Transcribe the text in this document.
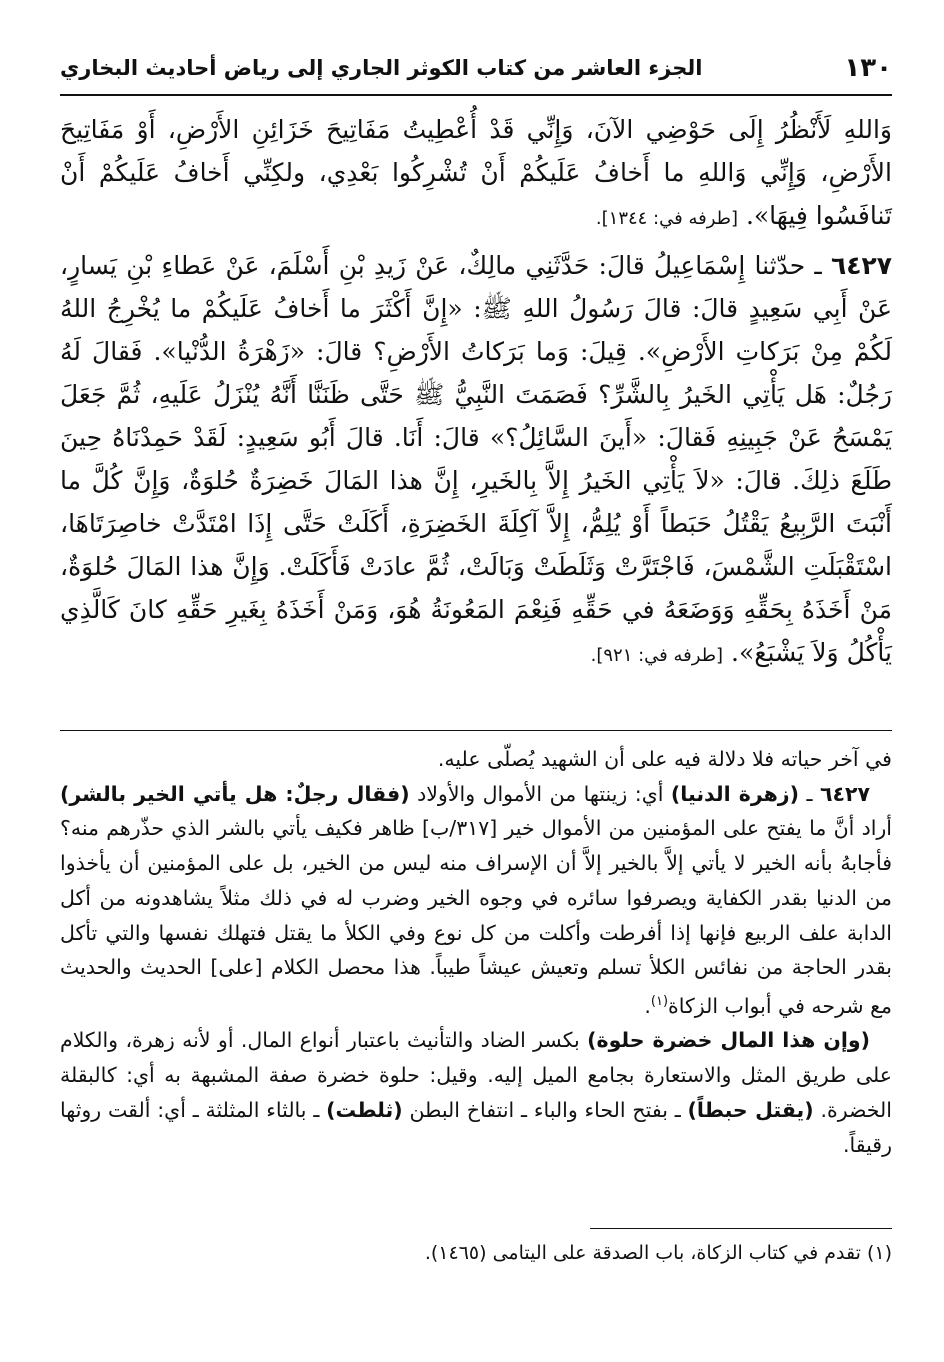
١٣٠
الجزء العاشر من كتاب الكوثر الجاري إلى رياض أحاديث البخاري

وَاللهِ لَأَنْظُرُ إِلَى حَوْضِي الآنَ، وَإِنِّي قَدْ أُعْطِيتُ مَفَاتِيحَ خَزَائِنِ الأَرْضِ، أَوْ مَفَاتِيحَ الأَرْضِ، وَإِنِّي وَاللهِ ما أَخافُ عَلَيكُمْ أَنْ تُشْرِكُوا بَعْدِي، ولكِنِّي أَخافُ عَلَيكُمْ أَنْ تَنافَسُوا فِيهَا». [طرفه في: ١٣٤٤].

٦٤٢٧ ـ حدّثنا إِسْمَاعِيلُ قالَ: حَدَّثَنِي مالِكٌ، عَنْ زَيدِ بْنِ أَسْلَمَ، عَنْ عَطاءِ بْنِ يَسارٍ، عَنْ أَبِي سَعِيدٍ قالَ: قالَ رَسُولُ اللهِ ﷺ: «إِنَّ أَكْثَرَ ما أَخافُ عَلَيكُمْ ما يُخْرِجُ اللهُ لَكُمْ مِنْ بَرَكاتِ الأَرْضِ». قِيلَ: وَما بَرَكاتُ الأَرْضِ؟ قالَ: «زَهْرَةُ الدُّنْيا». فَقالَ لَهُ رَجُلٌ: هَل يَأْتِي الخَيرُ بِالشَّرِّ؟ فَصَمَتَ النَّبِيُّ ﷺ حَتَّى ظَنَنَّا أَنَّهُ يُنْزَلُ عَلَيهِ، ثُمَّ جَعَلَ يَمْسَحُ عَنْ جَبِينِهِ فَقالَ: «أَينَ السَّائِلُ؟» قالَ: أَنَا. قالَ أَبُو سَعِيدٍ: لَقَدْ حَمِدْنَاهُ حِينَ طَلَعَ ذلِكَ. قالَ: «لاَ يَأْتِي الخَيرُ إِلاَّ بِالخَيرِ، إِنَّ هذا المَالَ خَضِرَةٌ حُلوَةٌ، وَإِنَّ كُلَّ ما أَنْبَتَ الرَّبِيعُ يَقْتُلُ حَبَطاً أَوْ يُلِمُّ، إِلاَّ آكِلَةَ الخَضِرَةِ، أَكَلَتْ حَتَّى إِذَا امْتَدَّتْ خاصِرَتَاهَا، اسْتَقْبَلَتِ الشَّمْسَ، فَاجْتَرَّتْ وَثَلَطَتْ وَبَالَتْ، ثُمَّ عادَتْ فَأَكَلَتْ. وَإِنَّ هذا المَالَ حُلوَةٌ، مَنْ أَخَذَهُ بِحَقِّهِ وَوَضَعَهُ في حَقِّهِ فَنِعْمَ المَعُونَةُ هُوَ، وَمَنْ أَخَذَهُ بِغَيرِ حَقِّهِ كانَ كَالَّذِي يَأْكُلُ وَلاَ يَشْبَعُ». [طرفه في: ٩٢١].

في آخر حياته فلا دلالة فيه على أن الشهيد يُصلّى عليه.

٦٤٢٧ ـ (زهرة الدنيا) أي: زينتها من الأموال والأولاد (فقال رجلٌ: هل يأتي الخير بالشر) أراد أنَّ ما يفتح على المؤمنين من الأموال خير [٣١٧/ب] ظاهر فكيف يأتي بالشر الذي حذّرهم منه؟ فأجابهُ بأنه الخير لا يأتي إلاَّ بالخير إلاَّ أن الإسراف منه ليس من الخير، بل على المؤمنين أن يأخذوا من الدنيا بقدر الكفاية ويصرفوا سائره في وجوه الخير وضرب له في ذلك مثلاً يشاهدونه من أكل الدابة علف الربيع فإنها إذا أفرطت وأكلت من كل نوع وفي الكلأ ما يقتل فتهلك نفسها والتي تأكل بقدر الحاجة من نفائس الكلأ تسلم وتعيش عيشاً طيباً. هذا محصل الكلام [على] الحديث والحديث مع شرحه في أبواب الزكاة$^{(١)}$.

(وإن هذا المال خضرة حلوة) بكسر الضاد والتأنيث باعتبار أنواع المال. أو لأنه زهرة، والكلام على طريق المثل والاستعارة بجامع الميل إليه. وقيل: حلوة خضرة صفة المشبهة به أي: كالبقلة الخضرة. (يقتل حبطاً) ـ بفتح الحاء والباء ـ انتفاخ البطن (ثلطت) ـ بالثاء المثلثة ـ أي: ألقت روثها رقيقاً.

(١) تقدم في كتاب الزكاة، باب الصدقة على اليتامى (١٤٦٥).
